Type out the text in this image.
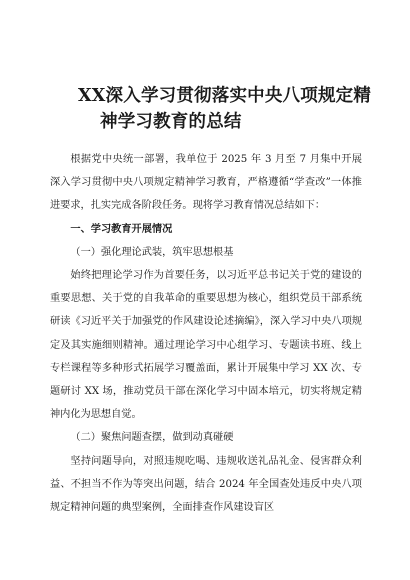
XX深入学习贯彻落实中央八项规定精
神学习教育的总结

根据党中央统一部署，我单位于 2025 年 3 月至 7 月集中开展深入学习贯彻中央八项规定精神学习教育，严格遵循“学查改”一体推进要求，扎实完成各阶段任务。现将学习教育情况总结如下：

一、学习教育开展情况

（一）强化理论武装，筑牢思想根基

始终把理论学习作为首要任务，以习近平总书记关于党的建设的重要思想、关于党的自我革命的重要思想为核心，组织党员干部系统研读《习近平关于加强党的作风建设论述摘编》，深入学习中央八项规定及其实施细则精神。通过理论学习中心组学习、专题读书班、线上专栏课程等多种形式拓展学习覆盖面，累计开展集中学习 XX 次、专题研讨 XX 场，推动党员干部在深化学习中固本培元，切实将规定精神内化为思想自觉。

（二）聚焦问题查摆，做到动真碰硬

坚持问题导向，对照违规吃喝、违规收送礼品礼金、侵害群众利益、不担当不作为等突出问题，结合 2024 年全国查处违反中央八项规定精神问题的典型案例，全面排查作风建设盲区
